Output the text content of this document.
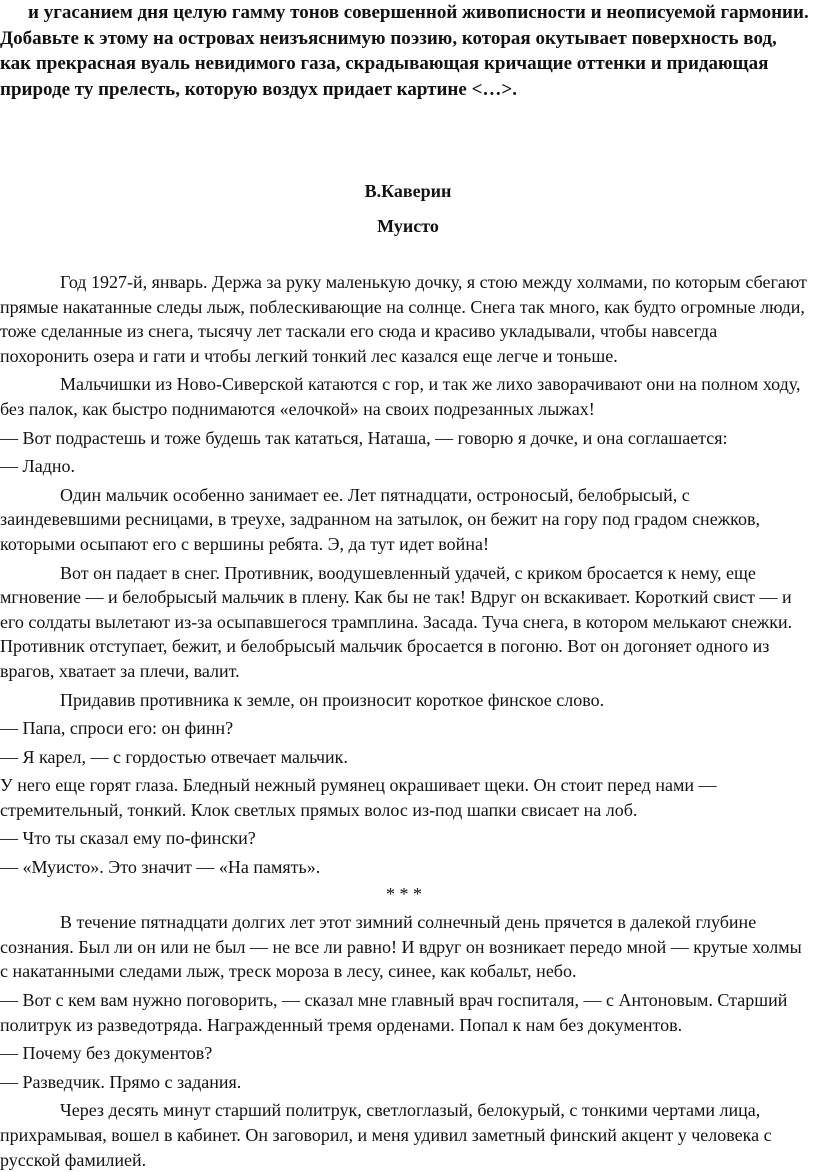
и угасанием дня целую гамму тонов совершенной живописности и неописуемой гармонии.

Добавьте к этому на островах неизъяснимую поэзию, которая окутывает поверхность вод, как прекрасная вуаль невидимого газа, скрадывающая кричащие оттенки и придающая природе ту прелесть, которую воздух придает картине <…>.

В.Каверин
Муисто

Год 1927-й, январь. Держа за руку маленькую дочку, я стою между холмами, по которым сбегают прямые накатанные следы лыж, поблескивающие на солнце. Снега так много, как будто огромные люди, тоже сделанные из снега, тысячу лет таскали его сюда и красиво укладывали, чтобы навсегда похоронить озера и гати и чтобы легкий тонкий лес казался еще легче и тоньше.

Мальчишки из Ново-Сиверской катаются с гор, и так же лихо заворачивают они на полном ходу, без палок, как быстро поднимаются «елочкой» на своих подрезанных лыжах!

— Вот подрастешь и тоже будешь так кататься, Наташа, — говорю я дочке, и она соглашается:

— Ладно.

Один мальчик особенно занимает ее. Лет пятнадцати, остроносый, белобрысый, с заиндевевшими ресницами, в треухе, задранном на затылок, он бежит на гору под градом снежков, которыми осыпают его с вершины ребята. Э, да тут идет война!

Вот он падает в снег. Противник, воодушевленный удачей, с криком бросается к нему, еще мгновение — и белобрысый мальчик в плену. Как бы не так! Вдруг он вскакивает. Короткий свист — и его солдаты вылетают из-за осыпавшегося трамплина. Засада. Туча снега, в котором мелькают снежки. Противник отступает, бежит, и белобрысый мальчик бросается в погоню. Вот он догоняет одного из врагов, хватает за плечи, валит.

Придавив противника к земле, он произносит короткое финское слово.

— Папа, спроси его: он финн?

— Я карел, — с гордостью отвечает мальчик.

У него еще горят глаза. Бледный нежный румянец окрашивает щеки. Он стоит перед нами — стремительный, тонкий. Клок светлых прямых волос из-под шапки свисает на лоб.

— Что ты сказал ему по-фински?

— «Муисто». Это значит — «На память».

* * *

В течение пятнадцати долгих лет этот зимний солнечный день прячется в далекой глубине сознания. Был ли он или не был — не все ли равно! И вдруг он возникает передо мной — крутые холмы с накатанными следами лыж, треск мороза в лесу, синее, как кобальт, небо.

— Вот с кем вам нужно поговорить, — сказал мне главный врач госпиталя, — с Антоновым. Старший политрук из разведотряда. Награжденный тремя орденами. Попал к нам без документов.

— Почему без документов?

— Разведчик. Прямо с задания.

Через десять минут старший политрук, светлоглазый, белокурый, с тонкими чертами лица, прихрамывая, вошел в кабинет. Он заговорил, и меня удивил заметный финский акцент у человека с русской фамилией.
